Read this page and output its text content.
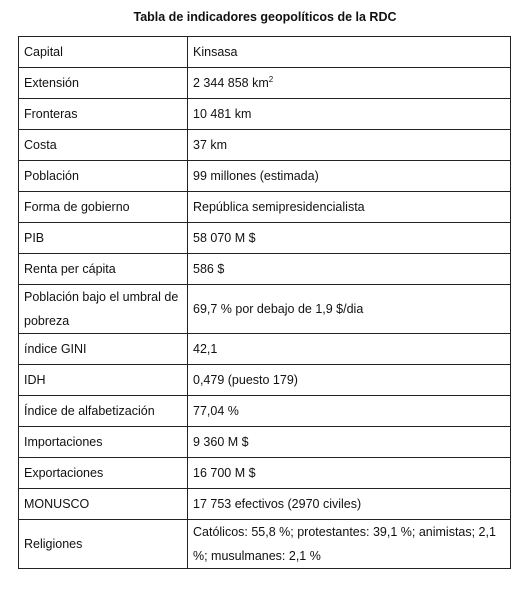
Tabla de indicadores geopolíticos de la RDC
Capital	Kinsasa
Extensión	2 344 858 $km^2$
Fronteras	10 481 km
Costa	37 km
Población	99 millones (estimada)
Forma de gobierno	República semipresidencialista
PIB	58 070 M $
Renta per cápita	586 $
Población bajo el umbral de pobreza	69,7 % por debajo de 1,9 $/dia
índice GINI	42,1
IDH	0,479 (puesto 179)
Índice de alfabetización	77,04 %
Importaciones	9 360 M $
Exportaciones	16 700 M $
MONUSCO	17 753 efectivos (2970 civiles)
Religiones	Católicos: 55,8 %; protestantes: 39,1 %; animistas; 2,1 %; musulmanes: 2,1 %
